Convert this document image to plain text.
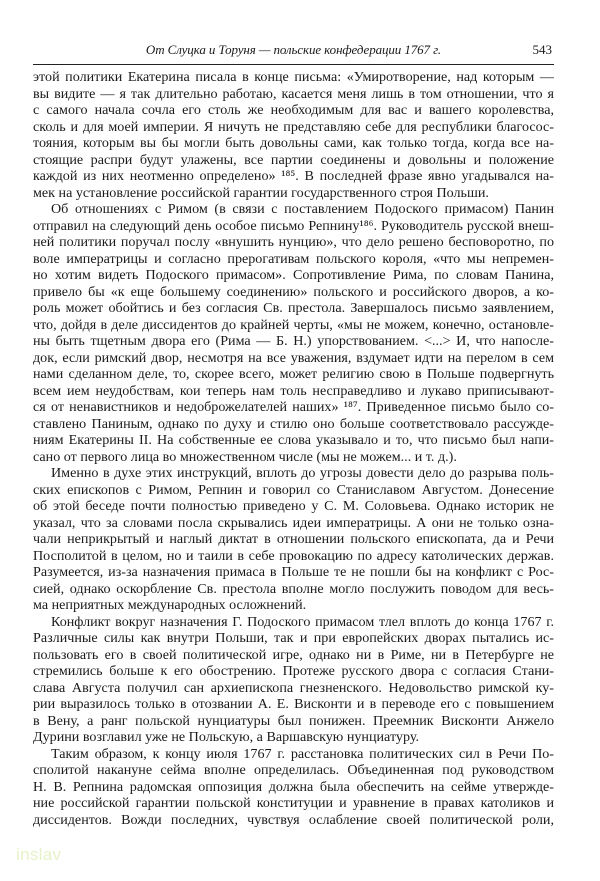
От Слуцка и Торуня — польские конфедерации 1767 г.	543
этой политики Екатерина писала в конце письма: «Умиротворение, над которым —
вы видите — я так длительно работаю, касается меня лишь в том отношении, что я
с самого начала сочла его столь же необходимым для вас и вашего королевства,
сколь и для моей империи. Я ничуть не представляю себе для республики благосос-
тояния, которым вы бы могли быть довольны сами, как только тогда, когда все на-
стоящие распри будут улажены, все партии соединены и довольны и положение
каждой из них неотменно определено» ¹⁸⁵. В последней фразе явно угадывался на-
мек на установление российской гарантии государственного строя Польши.
Об отношениях с Римом (в связи с поставлением Подоского примасом) Панин
отправил на следующий день особое письмо Репнину¹⁸⁶. Руководитель русской внеш-
ней политики поручал послу «внушить нунцию», что дело решено бесповоротно, по
воле императрицы и согласно прерогативам польского короля, «что мы непремен-
но хотим видеть Подоского примасом». Сопротивление Рима, по словам Панина,
привело бы «к еще большему соединению» польского и российского дворов, а ко-
роль может обойтись и без согласия Св. престола. Завершалось письмо заявлением,
что, дойдя в деле диссидентов до крайней черты, «мы не можем, конечно, остановле-
ны быть тщетным двора его (Рима — Б. Н.) упорствованием. <...> И, что напосле-
док, если римский двор, несмотря на все уважения, вздумает идти на перелом в сем
нами сделанном деле, то, скорее всего, может религию свою в Польше подвергнуть
всем ием неудобствам, кои теперь нам толь несправедливо и лукаво приписывают-
ся от ненавистников и недоброжелателей наших» ¹⁸⁷. Приведенное письмо было со-
ставлено Паниным, однако по духу и стилю оно больше соответствовало рассужде-
ниям Екатерины II. На собственные ее слова указывало и то, что письмо был напи-
сано от первого лица во множественном числе (мы не можем... и т. д.).
Именно в духе этих инструкций, вплоть до угрозы довести дело до разрыва поль-
ских епископов с Римом, Репнин и говорил со Станиславом Августом. Донесение
об этой беседе почти полностью приведено у С. М. Соловьева. Однако историк не
указал, что за словами посла скрывались идеи императрицы. А они не только озна-
чали неприкрытый и наглый диктат в отношении польского епископата, да и Речи
Посполитой в целом, но и таили в себе провокацию по адресу католических держав.
Разумеется, из-за назначения примаса в Польше те не пошли бы на конфликт с Рос-
сией, однако оскорбление Св. престола вполне могло послужить поводом для весь-
ма неприятных международных осложнений.
Конфликт вокруг назначения Г. Подоского примасом тлел вплоть до конца 1767 г.
Различные силы как внутри Польши, так и при европейских дворах пытались ис-
пользовать его в своей политической игре, однако ни в Риме, ни в Петербурге не
стремились больше к его обострению. Протеже русского двора с согласия Стани-
слава Августа получил сан архиепископа гнезненского. Недовольство римской ку-
рии выразилось только в отозвании А. Е. Висконти и в переводе его с повышением
в Вену, а ранг польской нунциатуры был понижен. Преемник Висконти Анжело
Дурини возглавил уже не Польскую, а Варшавскую нунциатуру.
Таким образом, к концу июля 1767 г. расстановка политических сил в Речи По-
сполитой накануне сейма вполне определилась. Объединенная под руководством
Н. В. Репнина радомская оппозиция должна была обеспечить на сейме утвержде-
ние российской гарантии польской конституции и уравнение в правах католиков и
диссидентов. Вожди последних, чувствуя ослабление своей политической роли,
inslav
